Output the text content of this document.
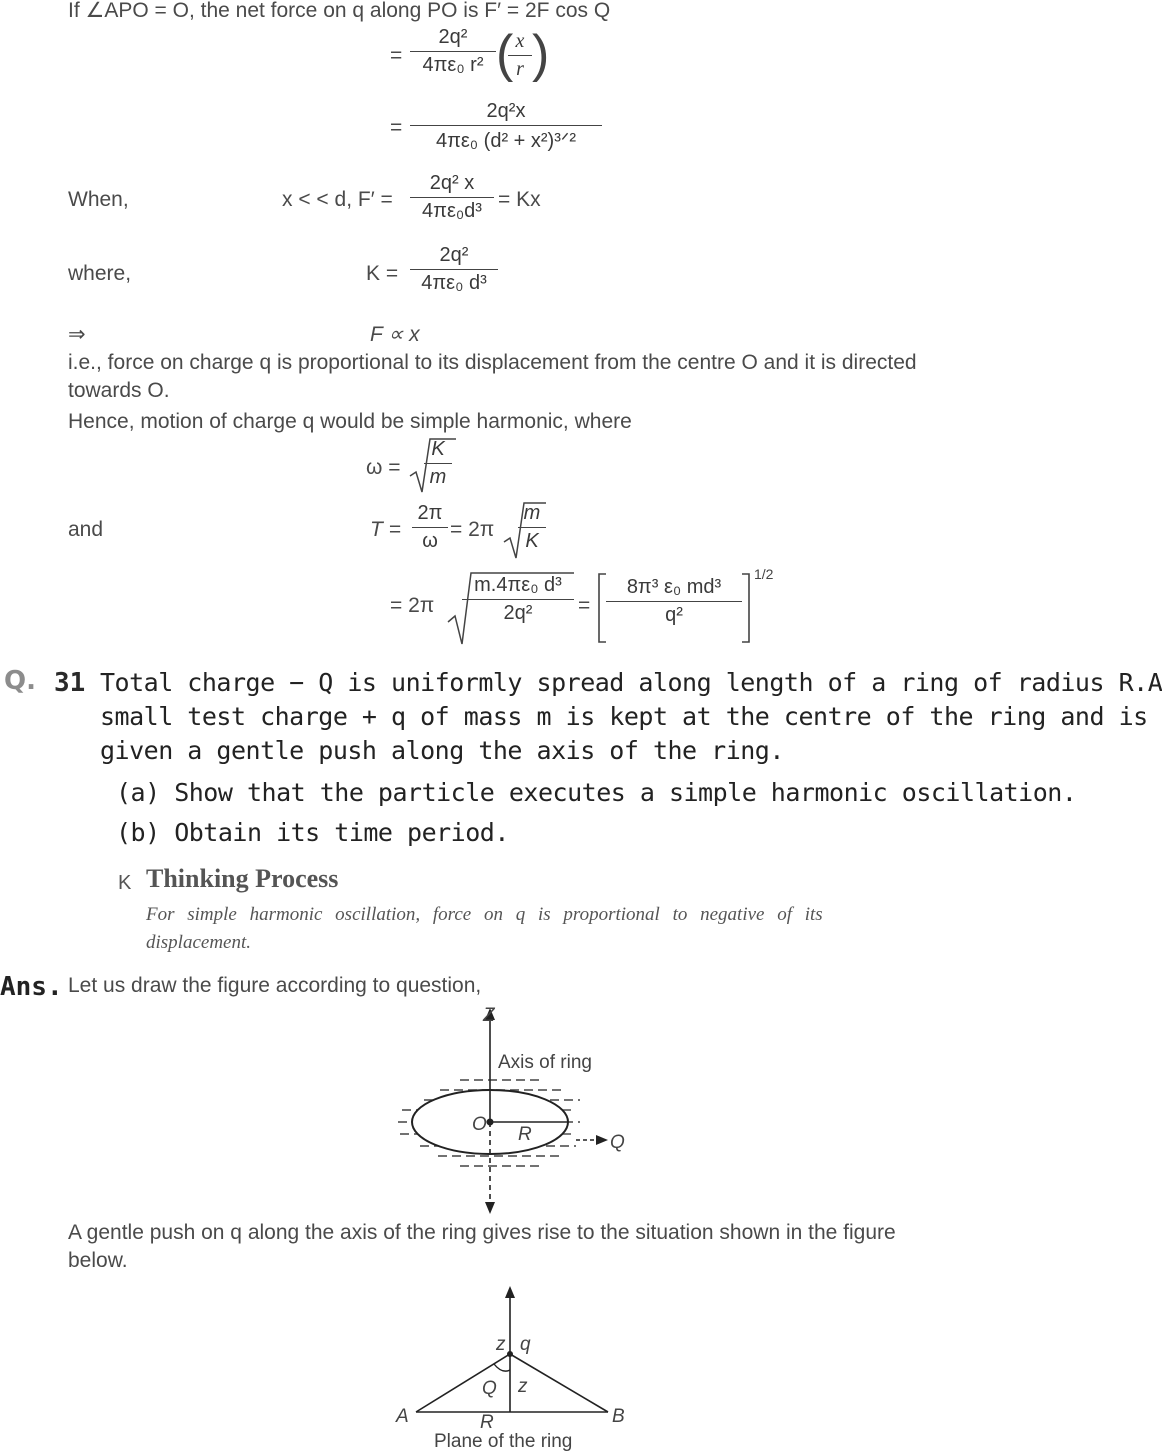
If ∠APO = O, the net force on q along PO is F′ = 2F cos Q
=
2q²
4πε₀ r² ( x
r )
=
2q²x
4πε₀ (d² + x²)³ᐟ²
When,	x < < d, F′ =
2q² x
4πε₀d³ = Kx
where,	K =
2q²
4πε₀ d³
⇒	F ∝ x
i.e., force on charge q is proportional to its displacement from the centre O and it is directed
towards O.
Hence, motion of charge q would be simple harmonic, where
ω =
K
m
and	T =
2π
ω = 2π
m
K
= 2π
m.4πε₀ d³
2q²	=
8π³ ε₀ md³
q²
1/2
Q. 31 Total charge − Q is uniformly spread along length of a ring of radius R.A
small test charge + q of mass m is kept at the centre of the ring and is
given a gentle push along the axis of the ring.
(a) Show that the particle executes a simple harmonic oscillation.
(b) Obtain its time period.
K Thinking Process
For simple harmonic oscillation, force on q is proportional to negative of its
displacement.
Ans. Let us draw the figure according to question,
Z
Axis of ring
O R	Q
A gentle push on q along the axis of the ring gives rise to the situation shown in the figure
below.
z q
Q z
A	B
R
Plane of the ring
